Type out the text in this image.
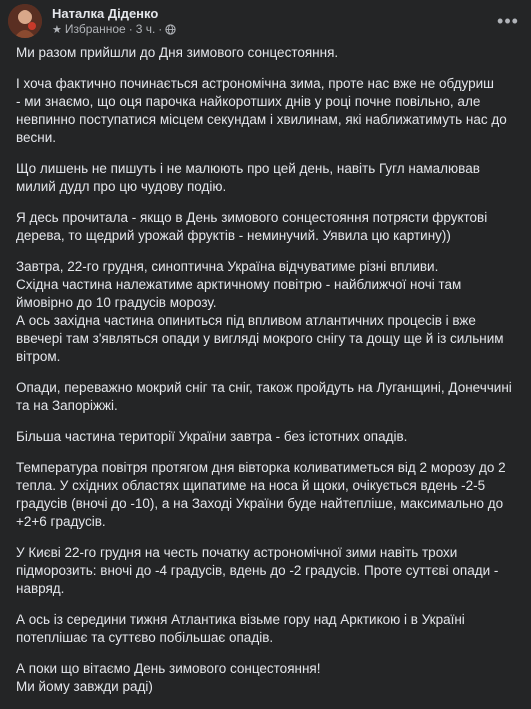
Наталка Діденко
★ Избранное · 3 ч. ·	•••

Ми разом прийшли до Дня зимового сонцестояння.

І хоча фактично починається астрономічна зима, проте нас вже не обдуриш
- ми знаємо, що оця парочка найкоротших днів у році почне повільно, але
невпинно поступатися місцем секундам і хвилинам, які наближатимуть нас до
весни.

Що лишень не пишуть і не малюють про цей день, навіть Гугл намалював
милий дудл про цю чудову подію.

Я десь прочитала - якщо в День зимового сонцестояння потрясти фруктові
дерева, то щедрий урожай фруктів - неминучий. Уявила цю картину))

Завтра, 22-го грудня, синоптична Україна відчуватиме різні впливи.
Східна частина належатиме арктичному повітрю - найближчої ночі там
ймовірно до 10 градусів морозу.
А ось західна частина опиниться під впливом атлантичних процесів і вже
ввечері там з'являться опади у вигляді мокрого снігу та дощу ще й із сильним
вітром.

Опади, переважно мокрий сніг та сніг, також пройдуть на Луганщині, Донеччині
та на Запоріжжі.

Більша частина території України завтра - без істотних опадів.

Температура повітря протягом дня вівторка коливатиметься від 2 морозу до 2
тепла. У східних областях щипатиме на носа й щоки, очікується вдень -2-5
градусів (вночі до -10), а на Заході України буде найтепліше, максимально до
+2+6 градусів.

У Києві 22-го грудня на честь початку астрономічної зими навіть трохи
підморозить: вночі до -4 градусів, вдень до -2 градусів. Проте суттєві опади -
навряд.

А ось із середини тижня Атлантика візьме гору над Арктикою і в Україні
потеплішає та суттєво побільшає опадів.

А поки що вітаємо День зимового сонцестояння!
Ми йому завжди раді)
